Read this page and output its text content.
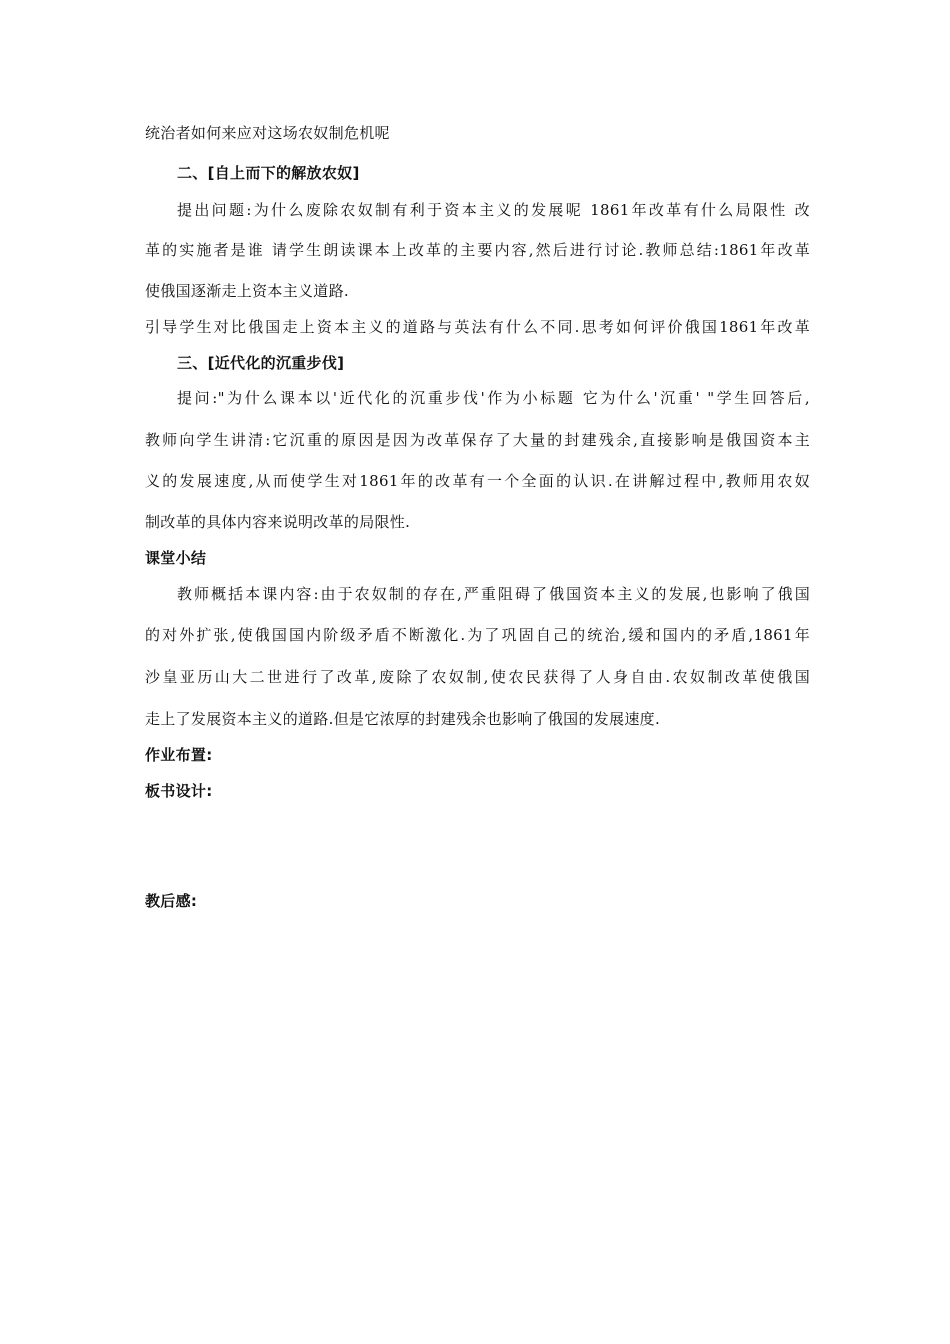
统治者如何来应对这场农奴制危机呢
二、[自上而下的解放农奴]
提出问题:为什么废除农奴制有利于资本主义的发展呢 1861年改革有什么局限性 改
革的实施者是谁 请学生朗读课本上改革的主要内容,然后进行讨论.教师总结:1861年改革
使俄国逐渐走上资本主义道路.
引导学生对比俄国走上资本主义的道路与英法有什么不同.思考如何评价俄国1861年改革
三、[近代化的沉重步伐]
提问:"为什么课本以'近代化的沉重步伐'作为小标题 它为什么'沉重' "学生回答后,
教师向学生讲清:它沉重的原因是因为改革保存了大量的封建残余,直接影响是俄国资本主
义的发展速度,从而使学生对1861年的改革有一个全面的认识.在讲解过程中,教师用农奴
制改革的具体内容来说明改革的局限性.
课堂小结
教师概括本课内容:由于农奴制的存在,严重阻碍了俄国资本主义的发展,也影响了俄国
的对外扩张,使俄国国内阶级矛盾不断激化.为了巩固自己的统治,缓和国内的矛盾,1861年
沙皇亚历山大二世进行了改革,废除了农奴制,使农民获得了人身自由.农奴制改革使俄国
走上了发展资本主义的道路.但是它浓厚的封建残余也影响了俄国的发展速度.
作业布置:
板书设计:
教后感:
